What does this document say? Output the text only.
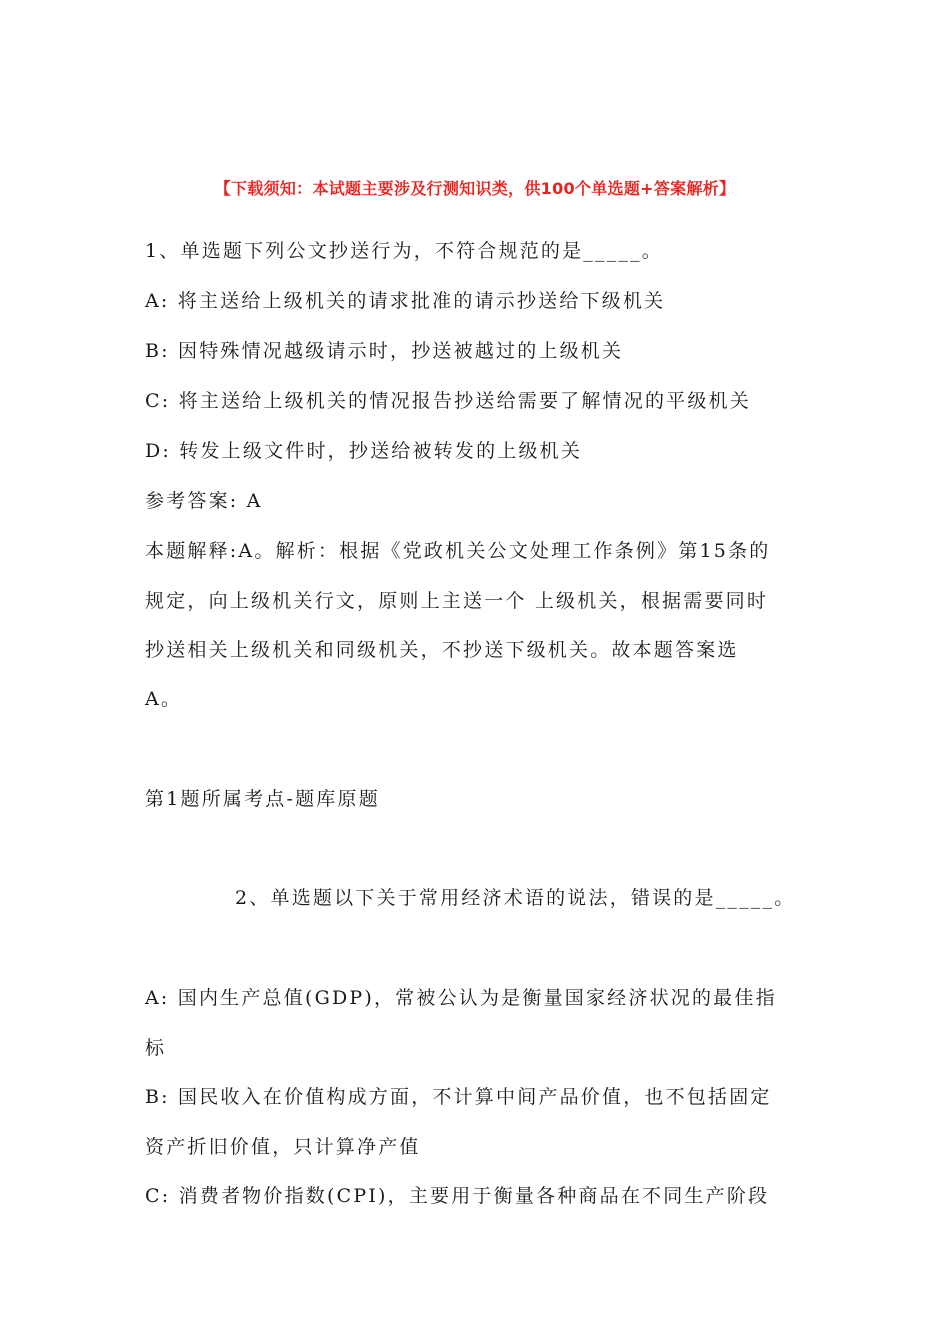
【下载须知：本试题主要涉及行测知识类，供100个单选题+答案解析】
1、单选题下列公文抄送行为，不符合规范的是_____。
A: 将主送给上级机关的请求批准的请示抄送给下级机关
B: 因特殊情况越级请示时，抄送被越过的上级机关
C: 将主送给上级机关的情况报告抄送给需要了解情况的平级机关
D: 转发上级文件时，抄送给被转发的上级机关
参考答案: A
本题解释:A。解析：根据《党政机关公文处理工作条例》第15条的
规定，向上级机关行文，原则上主送一个 上级机关，根据需要同时
抄送相关上级机关和同级机关，不抄送下级机关。故本题答案选
A。
第1题所属考点-题库原题
2、单选题以下关于常用经济术语的说法，错误的是_____。
A: 国内生产总值(GDP)，常被公认为是衡量国家经济状况的最佳指
标
B: 国民收入在价值构成方面，不计算中间产品价值，也不包括固定
资产折旧价值，只计算净产值
C: 消费者物价指数(CPI)，主要用于衡量各种商品在不同生产阶段
